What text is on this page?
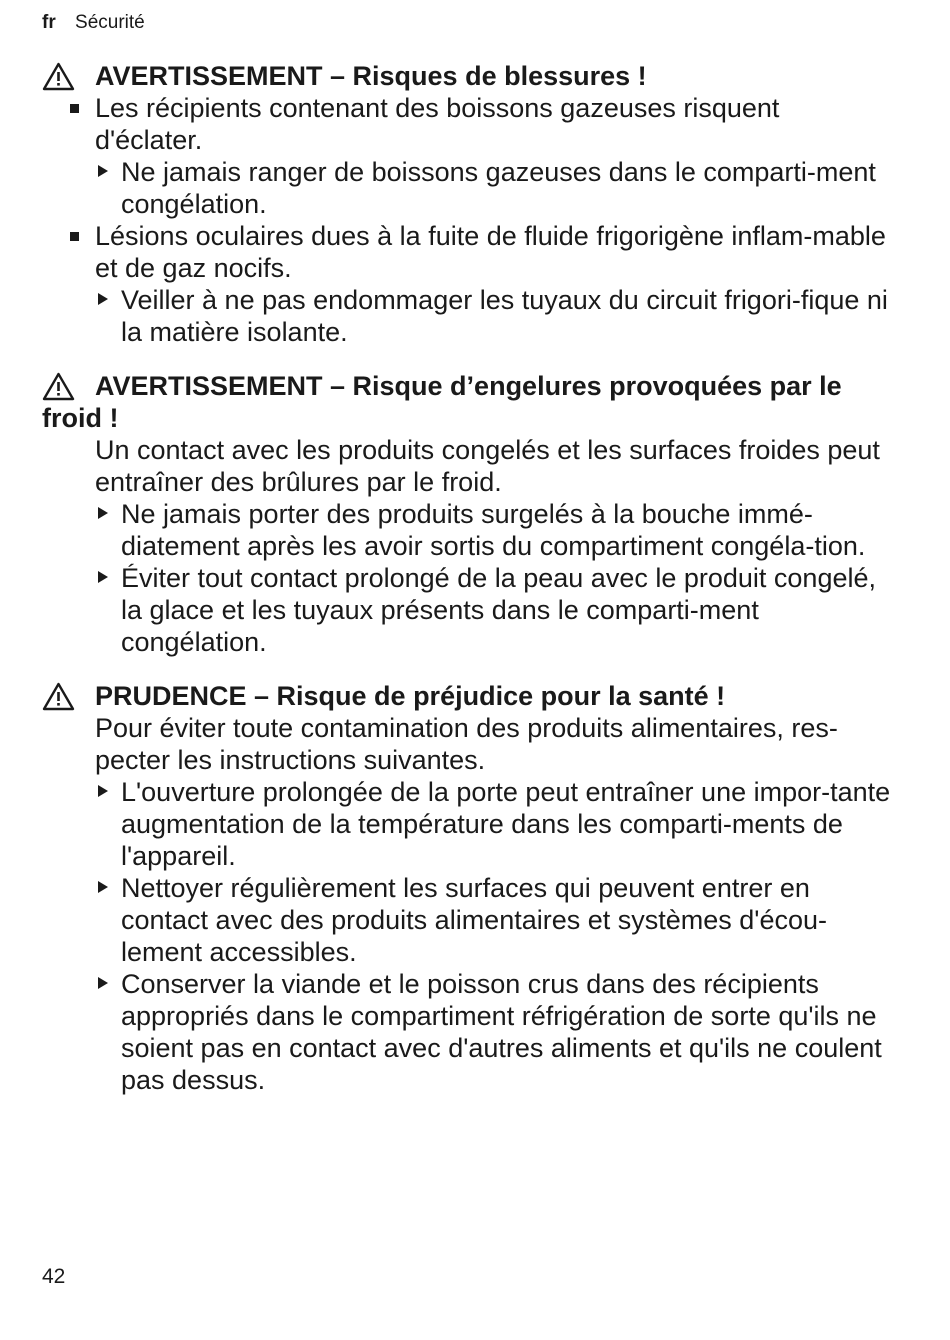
fr Sécurité

AVERTISSEMENT – Risques de blessures !

Les récipients contenant des boissons gazeuses risquent d'éclater.
Ne jamais ranger de boissons gazeuses dans le comparti-ment congélation.
Lésions oculaires dues à la fuite de fluide frigorigène inflam-mable et de gaz nocifs.
Veiller à ne pas endommager les tuyaux du circuit frigori-fique ni la matière isolante.

AVERTISSEMENT – Risque d’engelures provoquées par le froid !

Un contact avec les produits congelés et les surfaces froides peut entraîner des brûlures par le froid.

Ne jamais porter des produits surgelés à la bouche immé-diatement après les avoir sortis du compartiment congéla-tion.
Éviter tout contact prolongé de la peau avec le produit congelé, la glace et les tuyaux présents dans le comparti-ment congélation.

PRUDENCE – Risque de préjudice pour la santé !

Pour éviter toute contamination des produits alimentaires, res-pecter les instructions suivantes.

L'ouverture prolongée de la porte peut entraîner une impor-tante augmentation de la température dans les comparti-ments de l'appareil.
Nettoyer régulièrement les surfaces qui peuvent entrer en contact avec des produits alimentaires et systèmes d'écou-lement accessibles.
Conserver la viande et le poisson crus dans des récipients appropriés dans le compartiment réfrigération de sorte qu'ils ne soient pas en contact avec d'autres aliments et qu'ils ne coulent pas dessus.
42
